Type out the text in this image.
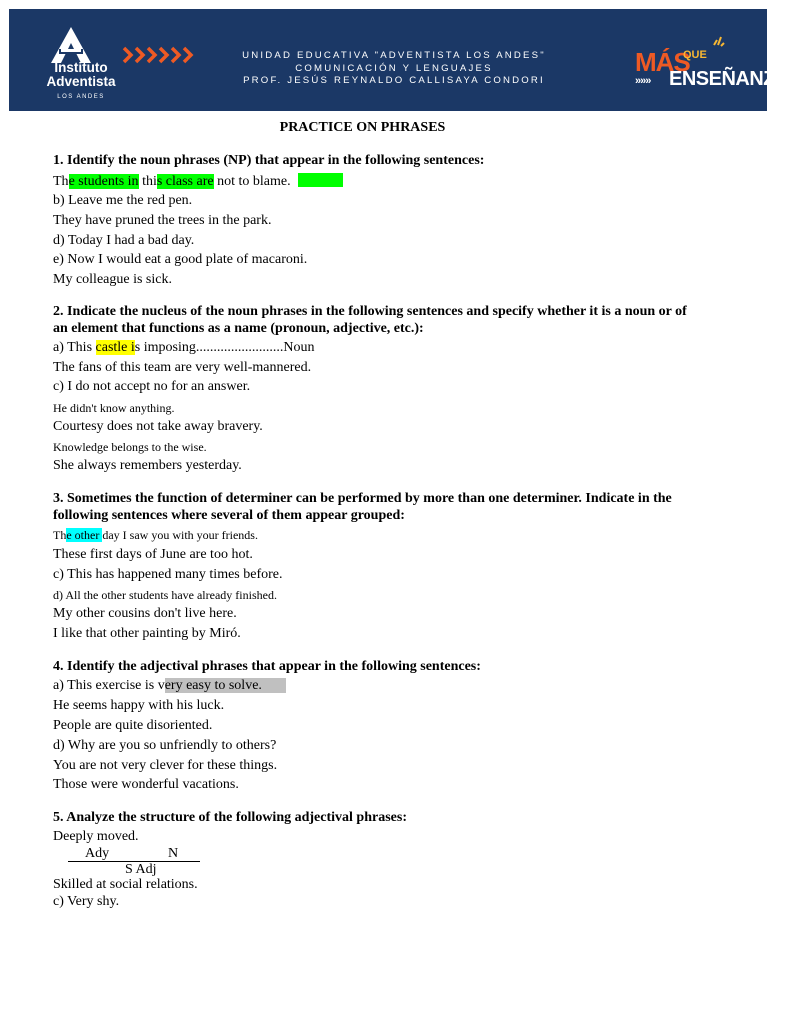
Instituto
Adventista
LOS ANDES
UNIDAD EDUCATIVA "ADVENTISTA LOS ANDES"
COMUNICACIÓN Y LENGUAJES
PROF. JESÚS REYNALDO CALLISAYA CONDORI
MÁS
QUE
»»» ENSEÑANZA
PRACTICE ON PHRASES
1. Identify the noun phrases (NP) that appear in the following sentences:
The students in this class are not to blame.
b) Leave me the red pen.
They have pruned the trees in the park.
d) Today I had a bad day.
e) Now I would eat a good plate of macaroni.
My colleague is sick.
2. Indicate the nucleus of the noun phrases in the following sentences and specify whether it is a noun or of an element that functions as a name (pronoun, adjective, etc.):
a) This castle is imposing.........................Noun
The fans of this team are very well-mannered.
c) I do not accept no for an answer.
He didn't know anything.
Courtesy does not take away bravery.
Knowledge belongs to the wise.
She always remembers yesterday.
3. Sometimes the function of determiner can be performed by more than one determiner. Indicate in the following sentences where several of them appear grouped:
The other day I saw you with your friends.
These first days of June are too hot.
c) This has happened many times before.
d) All the other students have already finished.
My other cousins don't live here.
I like that other painting by Miró.
4. Identify the adjectival phrases that appear in the following sentences:
a) This exercise is very easy to solve.
He seems happy with his luck.
People are quite disoriented.
d) Why are you so unfriendly to others?
You are not very clever for these things.
Those were wonderful vacations.
5. Analyze the structure of the following adjectival phrases:
Deeply moved.
Ady	N
S Adj
Skilled at social relations.
c) Very shy.
